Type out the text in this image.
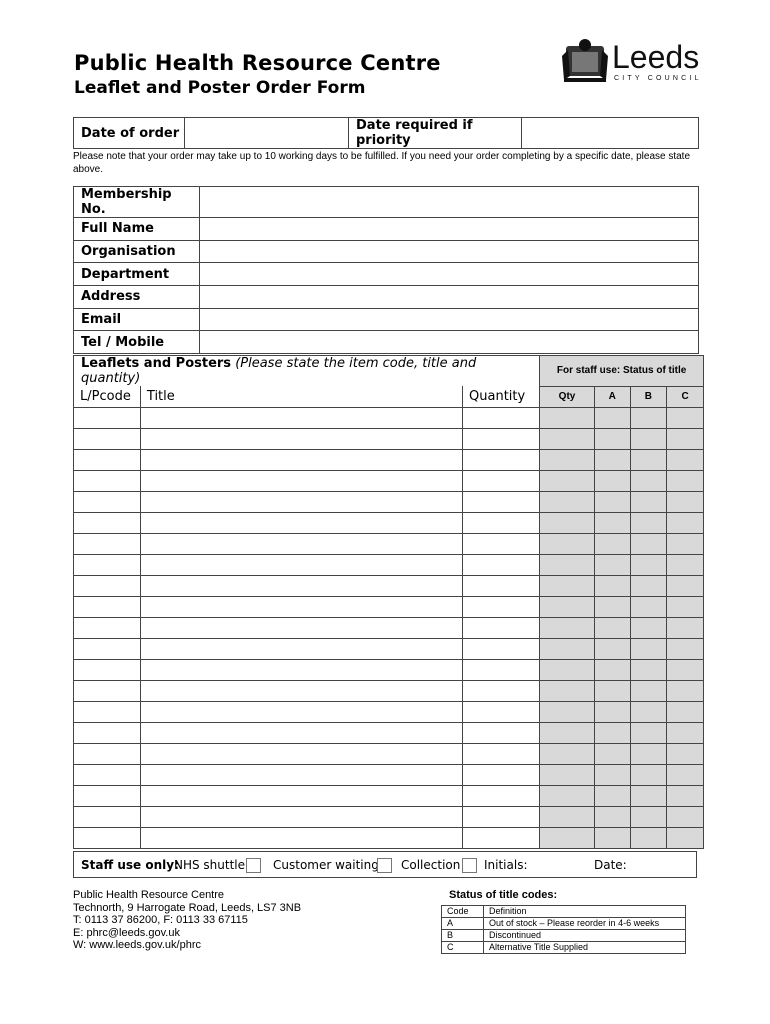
Public Health Resource Centre
Leaflet and Poster Order Form
Leeds
CITY COUNCIL
Date of order		Date required if priority	
Please note that your order may take up to 10 working days to be fulfilled. If you need your order completing by a specific date, please state above.
Membership No.	
Full Name	
Organisation	
Department	
Address	
Email	
Tel / Mobile	
Leaflets and Posters (Please state the item code, title and quantity)			For staff use: Status of title			
L/Pcode	Title	Quantity	Qty	A	B	C

Staff use only:
NHS shuttle Customer waiting Collection Initials:	Date:
Public Health Resource Centre
Technorth, 9 Harrogate Road, Leeds, LS7 3NB
T: 0113 37 86200, F: 0113 33 67115
E: phrc@leeds.gov.uk
W: www.leeds.gov.uk/phrc
Status of title codes:
Code	Definition
A	Out of stock – Please reorder in 4-6 weeks
B	Discontinued
C	Alternative Title Supplied
